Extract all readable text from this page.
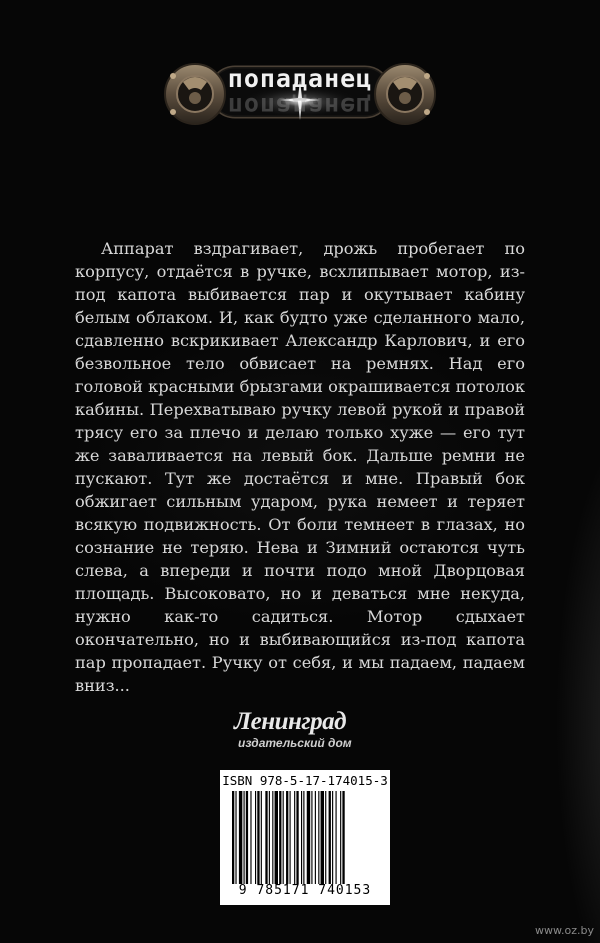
попаданец
попаданец

Аппарат вздрагивает, дрожь пробегает по корпусу, отдаётся в ручке, всхлипывает мотор, из-под капота выбивается пар и окутывает кабину белым облаком. И, как будто уже сделанного мало, сдавленно вскрикивает Александр Карлович, и его безвольное тело обвисает на ремнях. Над его головой красными брызгами окрашивается потолок кабины. Перехватываю ручку левой рукой и правой трясу его за плечо и делаю только хуже — его тут же заваливается на левый бок. Дальше ремни не пускают. Тут же достаётся и мне. Правый бок обжигает сильным ударом, рука немеет и теряет всякую подвижность. От боли темнеет в глазах, но сознание не теряю. Нева и Зимний остаются чуть слева, а впереди и почти подо мной Дворцовая площадь. Высоковато, но и деваться мне некуда, нужно как-то садиться. Мотор сдыхает окончательно, но и выбивающийся из-под капота пар пропадает. Ручку от себя, и мы падаем, падаем вниз...

Ленинград
издательский дом
ISBN 978-5-17-174015-3
9 785171 740153
www.oz.by
